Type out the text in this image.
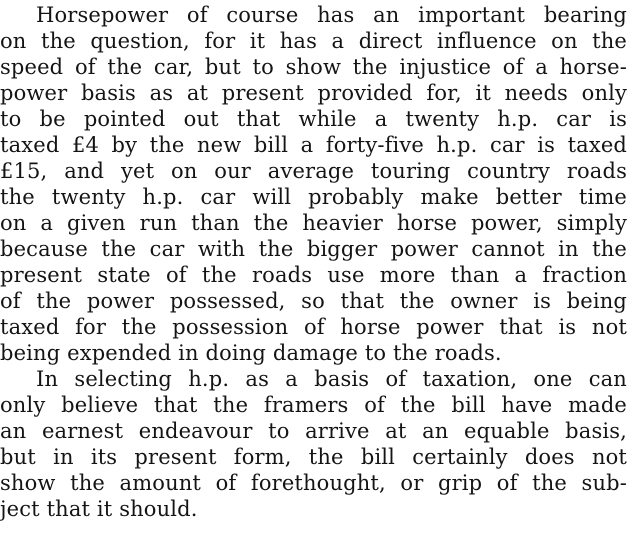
Horsepower of course has an important bearing
on the question, for it has a direct influence on the
speed of the car, but to show the injustice of a horse-
power basis as at present provided for, it needs only
to be pointed out that while a twenty h.p. car is
taxed £4 by the new bill a forty-five h.p. car is taxed
£15, and yet on our average touring country roads
the twenty h.p. car will probably make better time
on a given run than the heavier horse power, simply
because the car with the bigger power cannot in the
present state of the roads use more than a fraction
of the power possessed, so that the owner is being
taxed for the possession of horse power that is not
being expended in doing damage to the roads.
In selecting h.p. as a basis of taxation, one can
only believe that the framers of the bill have made
an earnest endeavour to arrive at an equable basis,
but in its present form, the bill certainly does not
show the amount of forethought, or grip of the sub-
ject that it should.
